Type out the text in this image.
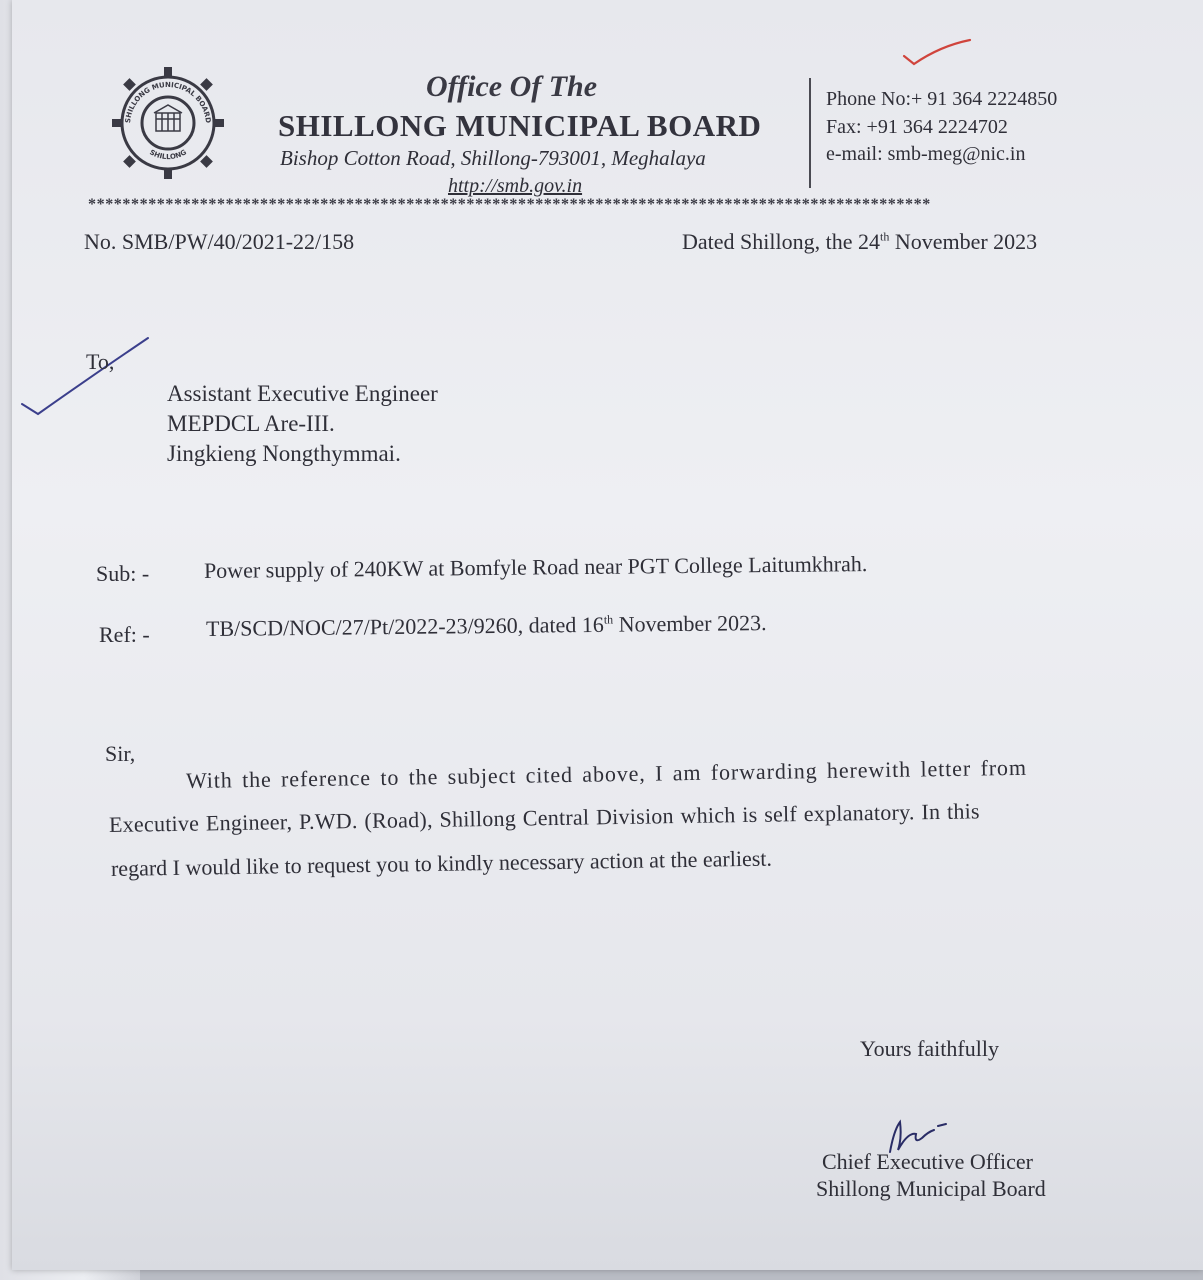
SHILLONG MUNICIPAL BOARD
SHILLONG
Office Of The
SHILLONG MUNICIPAL BOARD
Bishop Cotton Road, Shillong-793001, Meghalaya
http://smb.gov.in
Phone No:+ 91 364 2224850
Fax: +91 364 2224702
e-mail: smb-meg@nic.in
**************************************************************************************************
No. SMB/PW/40/2021-22/158	Dated Shillong, the 24th November 2023
To,
Assistant Executive Engineer
MEPDCL Are-III.
Jingkieng Nongthymmai.
Sub: - Power supply of 240KW at Bomfyle Road near PGT College Laitumkhrah.
Ref: -	TB/SCD/NOC/27/Pt/2022-23/9260, dated 16th November 2023.
Sir,
With the reference to the subject cited above, I am forwarding herewith letter from
Executive Engineer, P.WD. (Road), Shillong Central Division which is self explanatory. In this
regard I would like to request you to kindly necessary action at the earliest.
Yours faithfully
Chief Executive Officer
Shillong Municipal Board
